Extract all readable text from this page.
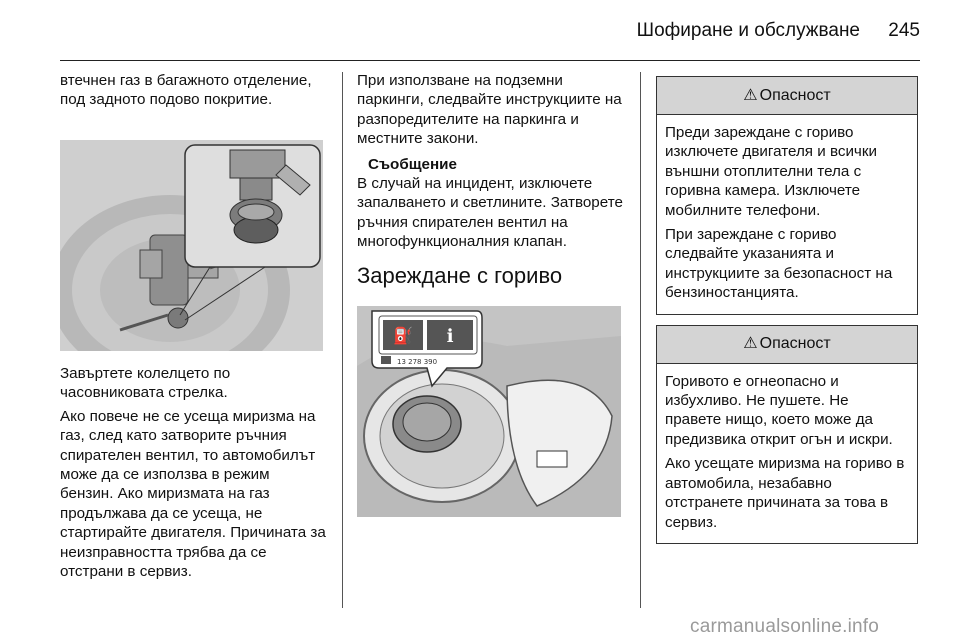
Шофиране и обслужване	245

втечнен газ в багажното отделение, под задното подово покритие.

Завъртете колелцето по часовниковата стрелка.

Ако повече не се усеща миризма на газ, след като затворите ръчния спирателен вентил, то автомобилът може да се използва в режим бензин. Ако миризмата на газ продължава да се усеща, не стартирайте двигателя. Причината за неизправността трябва да се отстрани в сервиз.

При използване на подземни паркинги, следвайте инструкциите на разпоредителите на паркинга и местните закони.

Съобщение
В случай на инцидент, изключете запалването и светлините. Затворете ръчния спирателен вентил на многофункционалния клапан.
Зареждане с гориво
⛽ ℹ
13 278 390
⚠ Опасност

Преди зареждане с гориво изключете двигателя и всички външни отоплителни тела с горивна камера. Изключете мобилните телефони.

При зареждане с гориво следвайте указанията и инструкциите за безопасност на бензиностанцията.

⚠ Опасност

Горивото е огнеопасно и избухливо. Не пушете. Не правете нищо, което може да предизвика открит огън и искри.

Ако усещате миризма на гориво в автомобила, незабавно отстранете причината за това в сервиз.

carmanualsonline.info
